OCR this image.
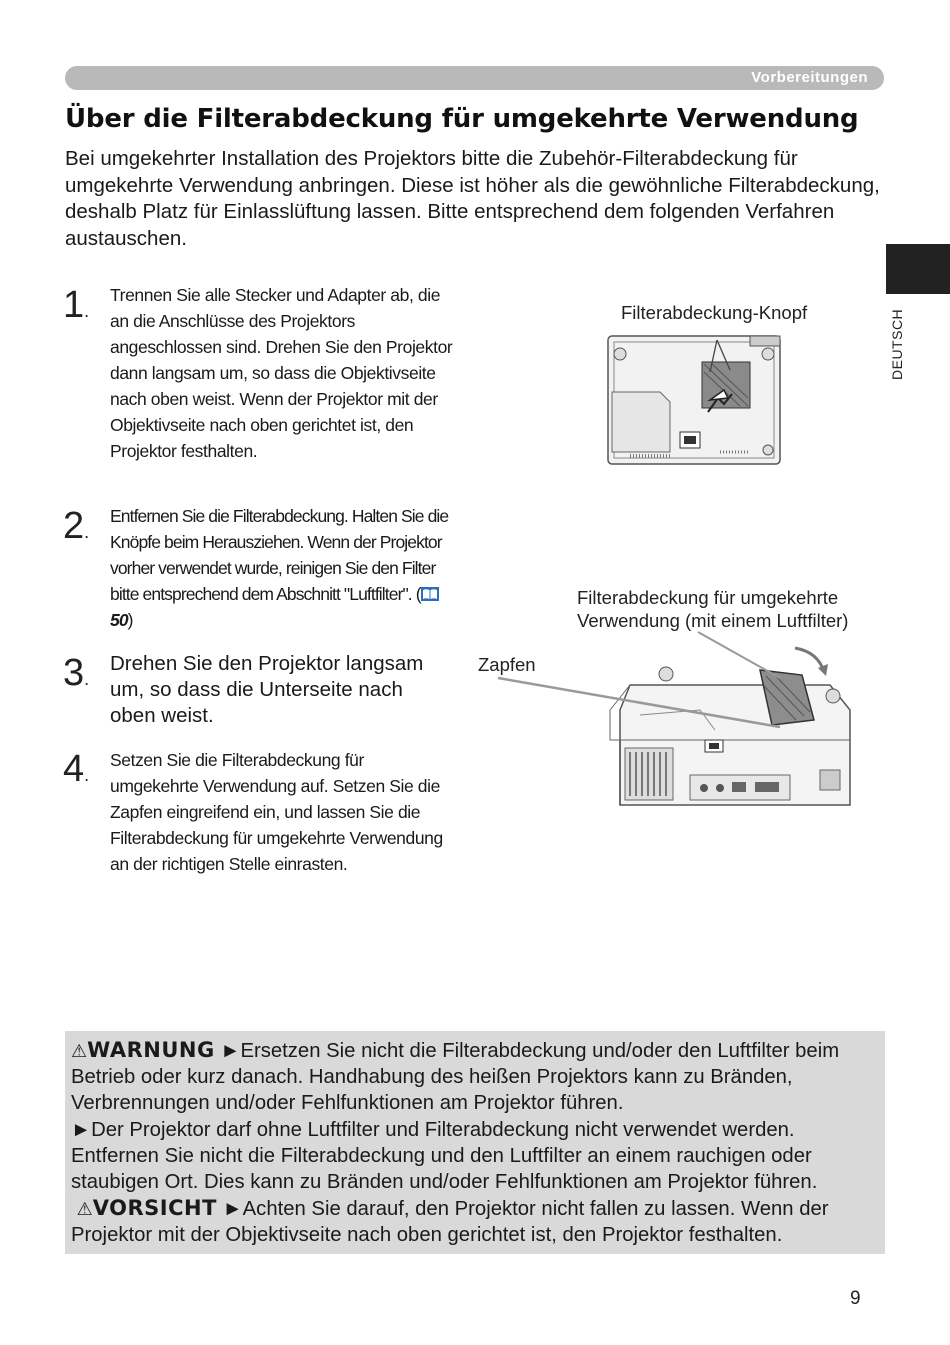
Vorbereitungen
DEUTSCH
Über die Filterabdeckung für umgekehrte Verwendung

Bei umgekehrter Installation des Projektors bitte die Zubehör-Filterabdeckung für umgekehrte Verwendung anbringen. Diese ist höher als die gewöhnliche Filterabdeckung, deshalb Platz für Einlasslüftung lassen. Bitte entsprechend dem folgenden Verfahren austauschen.

1.

Trennen Sie alle Stecker und Adapter ab, die an die Anschlüsse des Projektors angeschlossen sind. Drehen Sie den Projektor dann langsam um, so dass die Objektivseite nach oben weist. Wenn der Projektor mit der Objektivseite nach oben gerichtet ist, den Projektor festhalten.

2.

Entfernen Sie die Filterabdeckung. Halten Sie die Knöpfe beim Herausziehen. Wenn der Projektor vorher verwendet wurde, reinigen Sie den Filter bitte entsprechend dem Abschnitt "Luftfilter". (50)

3.

Drehen Sie den Projektor langsam um, so dass die Unterseite nach oben weist.

4.

Setzen Sie die Filterabdeckung für umgekehrte Verwendung auf. Setzen Sie die Zapfen eingreifend ein, und lassen Sie die Filterabdeckung für umgekehrte Verwendung an der richtigen Stelle einrasten.

Filterabdeckung-Knopf
Filterabdeckung für umgekehrte
Verwendung (mit einem Luftfilter)
Zapfen

⚠WARNUNG ►Ersetzen Sie nicht die Filterabdeckung und/oder den Luftfilter beim Betrieb oder kurz danach. Handhabung des heißen Projektors kann zu Bränden, Verbrennungen und/oder Fehlfunktionen am Projektor führen.
►Der Projektor darf ohne Luftfilter und Filterabdeckung nicht verwendet werden. Entfernen Sie nicht die Filterabdeckung und den Luftfilter an einem rauchigen oder staubigen Ort. Dies kann zu Bränden und/oder Fehlfunktionen am Projektor führen.
⚠VORSICHT ►Achten Sie darauf, den Projektor nicht fallen zu lassen. Wenn der Projektor mit der Objektivseite nach oben gerichtet ist, den Projektor festhalten.

9
